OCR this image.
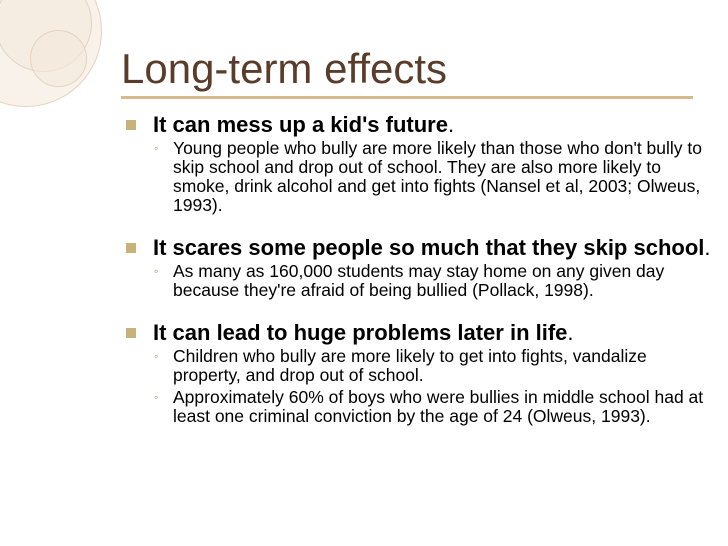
Long-term effects
It can mess up a kid's future.
◦ Young people who bully are more likely than those who don't bully to skip school and drop out of school. They are also more likely to smoke, drink alcohol and get into fights (Nansel et al, 2003; Olweus, 1993).
It scares some people so much that they skip school.
◦ As many as 160,000 students may stay home on any given day because they're afraid of being bullied (Pollack, 1998).
It can lead to huge problems later in life.
◦ Children who bully are more likely to get into fights, vandalize property, and drop out of school.
◦ Approximately 60% of boys who were bullies in middle school had at least one criminal conviction by the age of 24 (Olweus, 1993).
